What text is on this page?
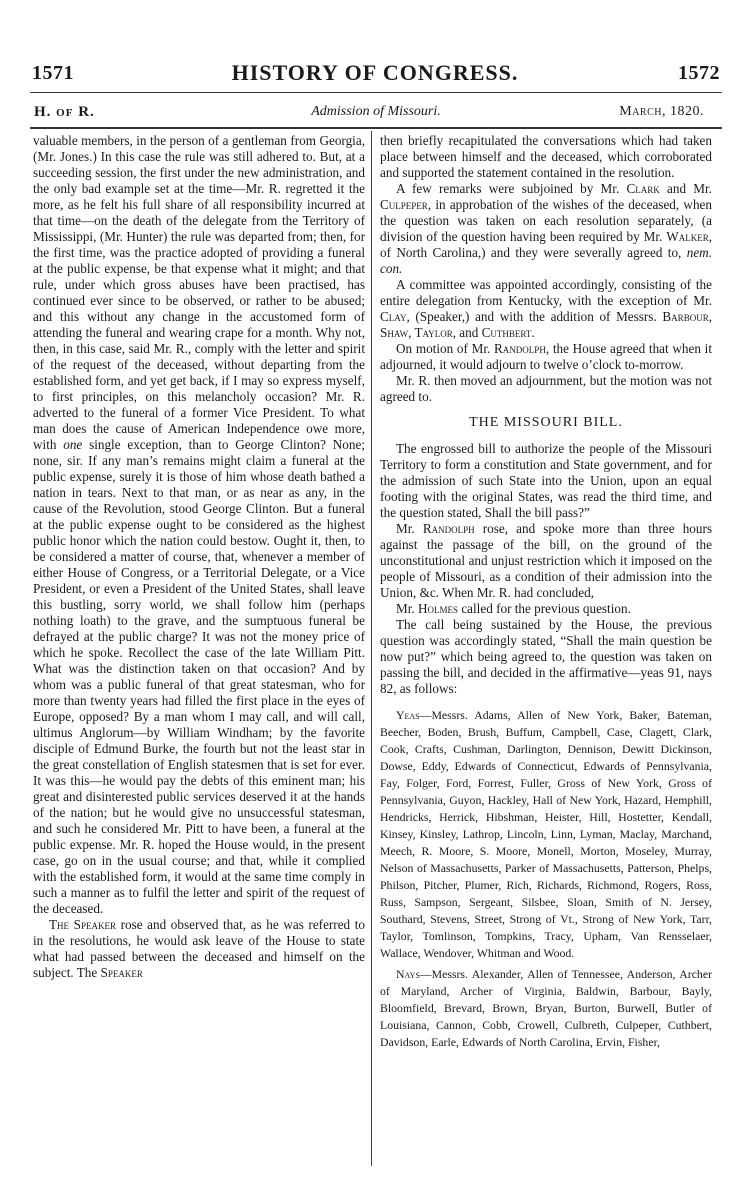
1571	HISTORY OF CONGRESS.	1572
H. of R.	Admission of Missouri.	March, 1820.

valuable members, in the person of a gentleman from Georgia, (Mr. Jones.) In this case the rule was still adhered to. But, at a succeeding session, the first under the new administration, and the only bad example set at the time—Mr. R. regretted it the more, as he felt his full share of all responsibility incurred at that time—on the death of the delegate from the Territory of Mississippi, (Mr. Hunter) the rule was departed from; then, for the first time, was the practice adopted of providing a funeral at the public expense, be that expense what it might; and that rule, under which gross abuses have been practised, has continued ever since to be observed, or rather to be abused; and this without any change in the accustomed form of attending the funeral and wearing crape for a month. Why not, then, in this case, said Mr. R., comply with the letter and spirit of the request of the deceased, without departing from the established form, and yet get back, if I may so express myself, to first principles, on this melancholy occasion? Mr. R. adverted to the funeral of a former Vice President. To what man does the cause of American Independence owe more, with one single exception, than to George Clinton? None; none, sir. If any man’s remains might claim a funeral at the public expense, surely it is those of him whose death bathed a nation in tears. Next to that man, or as near as any, in the cause of the Revolution, stood George Clinton. But a funeral at the public expense ought to be considered as the highest public honor which the nation could bestow. Ought it, then, to be considered a matter of course, that, whenever a member of either House of Congress, or a Territorial Delegate, or a Vice President, or even a President of the United States, shall leave this bustling, sorry world, we shall follow him (perhaps nothing loath) to the grave, and the sumptuous funeral be defrayed at the public charge? It was not the money price of which he spoke. Recollect the case of the late William Pitt. What was the distinction taken on that occasion? And by whom was a public funeral of that great statesman, who for more than twenty years had filled the first place in the eyes of Europe, opposed? By a man whom I may call, and will call, ultimus Anglorum—by William Windham; by the favorite disciple of Edmund Burke, the fourth but not the least star in the great constellation of English statesmen that is set for ever. It was this—he would pay the debts of this eminent man; his great and disinterested public services deserved it at the hands of the nation; but he would give no unsuccessful statesman, and such he considered Mr. Pitt to have been, a funeral at the public expense. Mr. R. hoped the House would, in the present case, go on in the usual course; and that, while it complied with the established form, it would at the same time comply in such a manner as to fulfil the letter and spirit of the request of the deceased.

The Speaker rose and observed that, as he was referred to in the resolutions, he would ask leave of the House to state what had passed between the deceased and himself on the subject. The Speaker

then briefly recapitulated the conversations which had taken place between himself and the deceased, which corroborated and supported the statement contained in the resolution.

A few remarks were subjoined by Mr. Clark and Mr. Culpeper, in approbation of the wishes of the deceased, when the question was taken on each resolution separately, (a division of the question having been required by Mr. Walker, of North Carolina,) and they were severally agreed to, nem. con.

A committee was appointed accordingly, consisting of the entire delegation from Kentucky, with the exception of Mr. Clay, (Speaker,) and with the addition of Messrs. Barbour, Shaw, Taylor, and Cuthbert.

On motion of Mr. Randolph, the House agreed that when it adjourned, it would adjourn to twelve o’clock to-morrow.

Mr. R. then moved an adjournment, but the motion was not agreed to.

THE MISSOURI BILL.

The engrossed bill to authorize the people of the Missouri Territory to form a constitution and State government, and for the admission of such State into the Union, upon an equal footing with the original States, was read the third time, and the question stated, Shall the bill pass?”

Mr. Randolph rose, and spoke more than three hours against the passage of the bill, on the ground of the unconstitutional and unjust restriction which it imposed on the people of Missouri, as a condition of their admission into the Union, &c. When Mr. R. had concluded,

Mr. Holmes called for the previous question.

The call being sustained by the House, the previous question was accordingly stated, “Shall the main question be now put?” which being agreed to, the question was taken on passing the bill, and decided in the affirmative—yeas 91, nays 82, as follows:

Yeas—Messrs. Adams, Allen of New York, Baker, Bateman, Beecher, Boden, Brush, Buffum, Campbell, Case, Clagett, Clark, Cook, Crafts, Cushman, Darlington, Dennison, Dewitt Dickinson, Dowse, Eddy, Edwards of Connecticut, Edwards of Pennsylvania, Fay, Folger, Ford, Forrest, Fuller, Gross of New York, Gross of Pennsylvania, Guyon, Hackley, Hall of New York, Hazard, Hemphill, Hendricks, Herrick, Hibshman, Heister, Hill, Hostetter, Kendall, Kinsey, Kinsley, Lathrop, Lincoln, Linn, Lyman, Maclay, Marchand, Meech, R. Moore, S. Moore, Monell, Morton, Moseley, Murray, Nelson of Massachusetts, Parker of Massachusetts, Patterson, Phelps, Philson, Pitcher, Plumer, Rich, Richards, Richmond, Rogers, Ross, Russ, Sampson, Sergeant, Silsbee, Sloan, Smith of N. Jersey, Southard, Stevens, Street, Strong of Vt., Strong of New York, Tarr, Taylor, Tomlinson, Tompkins, Tracy, Upham, Van Rensselaer, Wallace, Wendover, Whitman and Wood.

Nays—Messrs. Alexander, Allen of Tennessee, Anderson, Archer of Maryland, Archer of Virginia, Baldwin, Barbour, Bayly, Bloomfield, Brevard, Brown, Bryan, Burton, Burwell, Butler of Louisiana, Cannon, Cobb, Crowell, Culbreth, Culpeper, Cuthbert, Davidson, Earle, Edwards of North Carolina, Ervin, Fisher,
